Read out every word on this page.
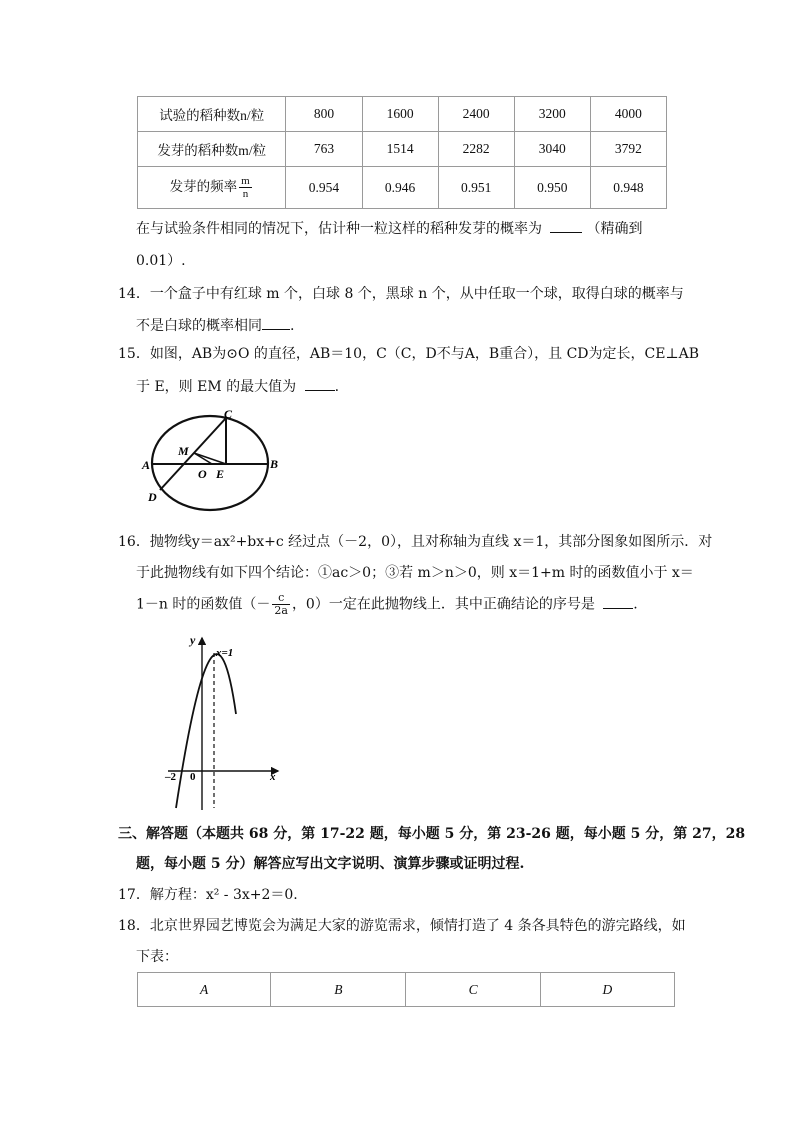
试验的稻种数n/粒	800	1600	2400	3200	4000
发芽的稻种数m/粒	763	1514	2282	3040	3792
发芽的频率 $\frac{m}{n}$	0.954	0.946	0.951	0.950	0.948
在与试验条件相同的情况下，估计种一粒这样的稻种发芽的概率为	（精确到
0.01）.
14．一个盒子中有红球 m 个，白球 8 个，黑球 n 个，从中任取一个球，取得白球的概率与
不是白球的概率相同 .
15．如图，AB为⊙O 的直径，AB＝10，C（C，D不与A，B重合），且 CD为定长，CE⊥AB
于 E，则 EM 的最大值为	.
A	B
C
D
M
O E
16．抛物线y＝ax²+bx+c 经过点（－2，0），且对称轴为直线 x＝1，其部分图象如图所示．对
于此抛物线有如下四个结论：①ac＞0；③若 m＞n＞0，则 x＝1+m 时的函数值小于 x＝
1－n 时的函数值（－ $\frac{c}{2a}$ ，0）一定在此抛物线上．其中正确结论的序号是	.
y
x
x=1
–2 0
三、解答题（本题共 68 分，第 17-22 题，每小题 5 分，第 23-26 题，每小题 5 分，第 27，28
题，每小题 5 分）解答应写出文字说明、演算步骤或证明过程.
17．解方程：x² - 3x+2＝0.
18．北京世界园艺博览会为满足大家的游览需求，倾情打造了 4 条各具特色的游完路线，如
下表：
A	B	C	D
